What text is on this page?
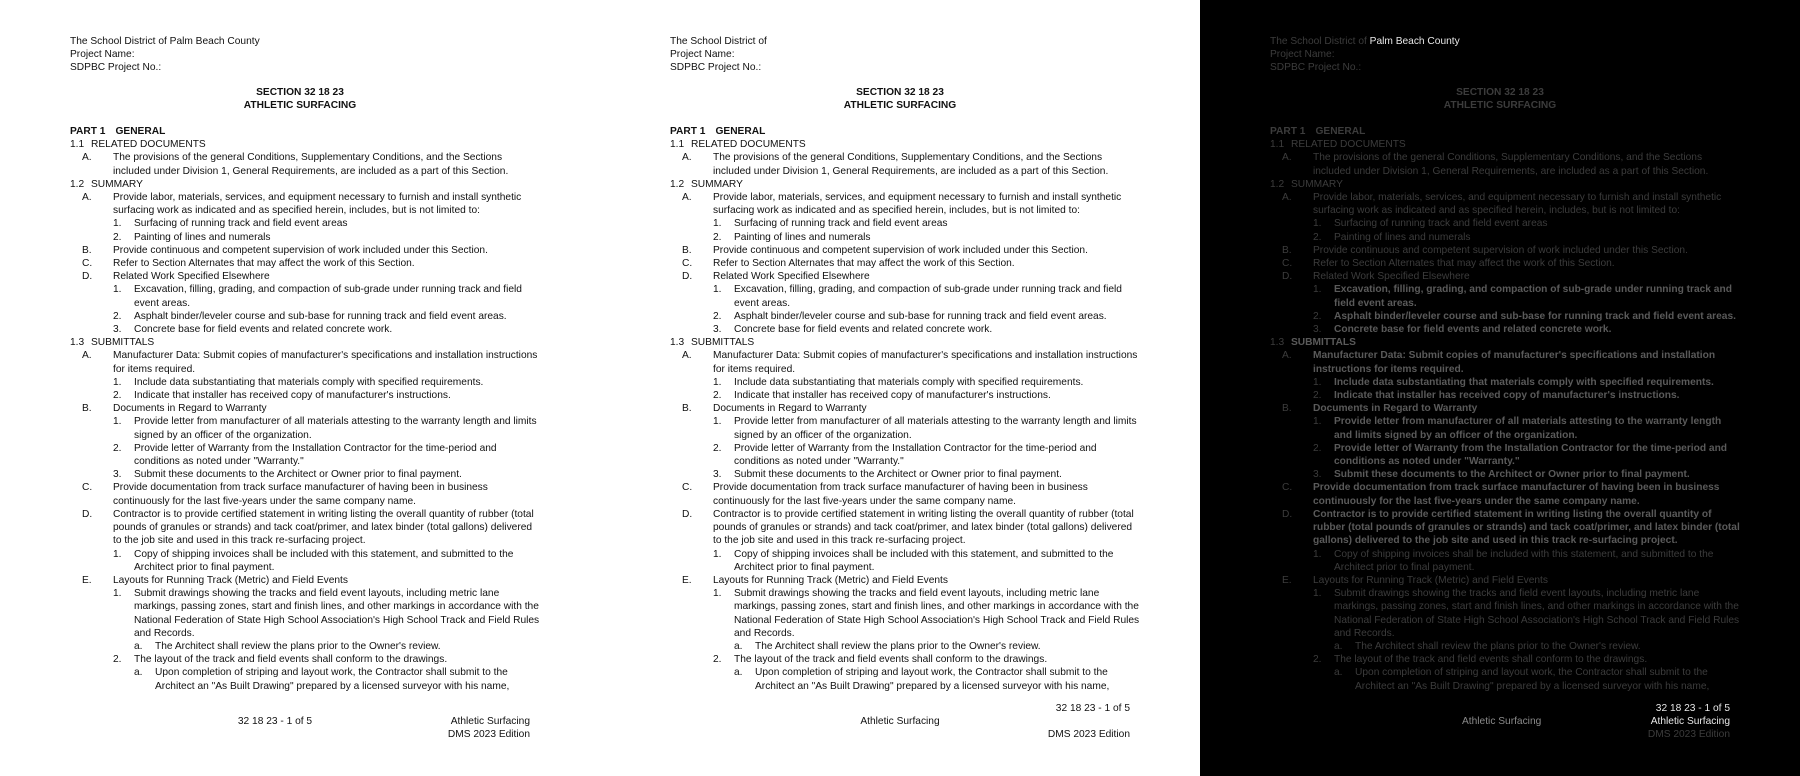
The School District of Palm Beach County
Project Name:
SDPBC Project No.:
SECTION 32 18 23
ATHLETIC SURFACING
PART 1 GENERAL
1.1 RELATED DOCUMENTS
A.	The provisions of the general Conditions, Supplementary Conditions, and the Sections included under Division 1, General Requirements, are included as a part of this Section.
1.2 SUMMARY
A.	Provide labor, materials, services, and equipment necessary to furnish and install synthetic surfacing work as indicated and as specified herein, includes, but is not limited to:
1.	Surfacing of running track and field event areas
2.	Painting of lines and numerals
B.	Provide continuous and competent supervision of work included under this Section.
C.	Refer to Section Alternates that may affect the work of this Section.
D.	Related Work Specified Elsewhere
1.	Excavation, filling, grading, and compaction of sub-grade under running track and field event areas.
2.	Asphalt binder/leveler course and sub-base for running track and field event areas.
3.	Concrete base for field events and related concrete work.
1.3 SUBMITTALS
A.	Manufacturer Data: Submit copies of manufacturer's specifications and installation instructions for items required.
1.	Include data substantiating that materials comply with specified requirements.
2.	Indicate that installer has received copy of manufacturer's instructions.
B.	Documents in Regard to Warranty
1.	Provide letter from manufacturer of all materials attesting to the warranty length and limits signed by an officer of the organization.
2.	Provide letter of Warranty from the Installation Contractor for the time-period and conditions as noted under "Warranty."
3.	Submit these documents to the Architect or Owner prior to final payment.
C.	Provide documentation from track surface manufacturer of having been in business continuously for the last five-years under the same company name.
D.	Contractor is to provide certified statement in writing listing the overall quantity of rubber (total pounds of granules or strands) and tack coat/primer, and latex binder (total gallons) delivered to the job site and used in this track re-surfacing project.
1.	Copy of shipping invoices shall be included with this statement, and submitted to the Architect prior to final payment.
E.	Layouts for Running Track (Metric) and Field Events
1.	Submit drawings showing the tracks and field event layouts, including metric lane markings, passing zones, start and finish lines, and other markings in accordance with the National Federation of State High School Association's High School Track and Field Rules and Records.
a.	The Architect shall review the plans prior to the Owner's review.
2.	The layout of the track and field events shall conform to the drawings.
a.	Upon completion of striping and layout work, the Contractor shall submit to the Architect an "As Built Drawing" prepared by a licensed surveyor with his name,
32 18 23 - 1 of 5	Athletic Surfacing
DMS 2023 Edition
The School District of
Project Name:
SDPBC Project No.:
SECTION 32 18 23
ATHLETIC SURFACING
PART 1 GENERAL
1.1 RELATED DOCUMENTS
A.	The provisions of the general Conditions, Supplementary Conditions, and the Sections included under Division 1, General Requirements, are included as a part of this Section.
1.2 SUMMARY
A.	Provide labor, materials, services, and equipment necessary to furnish and install synthetic surfacing work as indicated and as specified herein, includes, but is not limited to:
1.	Surfacing of running track and field event areas
2.	Painting of lines and numerals
B.	Provide continuous and competent supervision of work included under this Section.
C.	Refer to Section Alternates that may affect the work of this Section.
D.	Related Work Specified Elsewhere
1.	Excavation, filling, grading, and compaction of sub-grade under running track and field event areas.
2.	Asphalt binder/leveler course and sub-base for running track and field event areas.
3.	Concrete base for field events and related concrete work.
1.3 SUBMITTALS
A.	Manufacturer Data: Submit copies of manufacturer's specifications and installation instructions for items required.
1.	Include data substantiating that materials comply with specified requirements.
2.	Indicate that installer has received copy of manufacturer's instructions.
B.	Documents in Regard to Warranty
1.	Provide letter from manufacturer of all materials attesting to the warranty length and limits signed by an officer of the organization.
2.	Provide letter of Warranty from the Installation Contractor for the time-period and conditions as noted under "Warranty."
3.	Submit these documents to the Architect or Owner prior to final payment.
C.	Provide documentation from track surface manufacturer of having been in business continuously for the last five-years under the same company name.
D.	Contractor is to provide certified statement in writing listing the overall quantity of rubber (total pounds of granules or strands) and tack coat/primer, and latex binder (total gallons) delivered to the job site and used in this track re-surfacing project.
1.	Copy of shipping invoices shall be included with this statement, and submitted to the Architect prior to final payment.
E.	Layouts for Running Track (Metric) and Field Events
1.	Submit drawings showing the tracks and field event layouts, including metric lane markings, passing zones, start and finish lines, and other markings in accordance with the National Federation of State High School Association's High School Track and Field Rules and Records.
a.	The Architect shall review the plans prior to the Owner's review.
2.	The layout of the track and field events shall conform to the drawings.
a.	Upon completion of striping and layout work, the Contractor shall submit to the Architect an "As Built Drawing" prepared by a licensed surveyor with his name,
32 18 23 - 1 of 5
Athletic Surfacing
DMS 2023 Edition
The School District of Palm Beach County
Project Name:
SDPBC Project No.:
SECTION 32 18 23
ATHLETIC SURFACING
PART 1 GENERAL
1.1 RELATED DOCUMENTS
A.	The provisions of the general Conditions, Supplementary Conditions, and the Sections included under Division 1, General Requirements, are included as a part of this Section.
1.2 SUMMARY
A.	Provide labor, materials, services, and equipment necessary to furnish and install synthetic surfacing work as indicated and as specified herein, includes, but is not limited to:
1.	Surfacing of running track and field event areas
2.	Painting of lines and numerals
B.	Provide continuous and competent supervision of work included under this Section.
C.	Refer to Section Alternates that may affect the work of this Section.
D.	Related Work Specified Elsewhere
1.	Excavation, filling, grading, and compaction of sub-grade under running track and field event areas.
2.	Asphalt binder/leveler course and sub-base for running track and field event areas.
3.	Concrete base for field events and related concrete work.
1.3 SUBMITTALS
A.	Manufacturer Data: Submit copies of manufacturer's specifications and installation instructions for items required.
1.	Include data substantiating that materials comply with specified requirements.
2.	Indicate that installer has received copy of manufacturer's instructions.
B.	Documents in Regard to Warranty
1.	Provide letter from manufacturer of all materials attesting to the warranty length and limits signed by an officer of the organization.
2.	Provide letter of Warranty from the Installation Contractor for the time-period and conditions as noted under "Warranty."
3.	Submit these documents to the Architect or Owner prior to final payment.
C.	Provide documentation from track surface manufacturer of having been in business continuously for the last five-years under the same company name.
D.	Contractor is to provide certified statement in writing listing the overall quantity of rubber (total pounds of granules or strands) and tack coat/primer, and latex binder (total gallons) delivered to the job site and used in this track re-surfacing project.
1.	Copy of shipping invoices shall be included with this statement, and submitted to the Architect prior to final payment.
E.	Layouts for Running Track (Metric) and Field Events
1.	Submit drawings showing the tracks and field event layouts, including metric lane markings, passing zones, start and finish lines, and other markings in accordance with the National Federation of State High School Association's High School Track and Field Rules and Records.
a.	The Architect shall review the plans prior to the Owner's review.
2.	The layout of the track and field events shall conform to the drawings.
a.	Upon completion of striping and layout work, the Contractor shall submit to the Architect an "As Built Drawing" prepared by a licensed surveyor with his name,
Athletic Surfacing
32 18 23 - 1 of 5
Athletic Surfacing
DMS 2023 Edition
